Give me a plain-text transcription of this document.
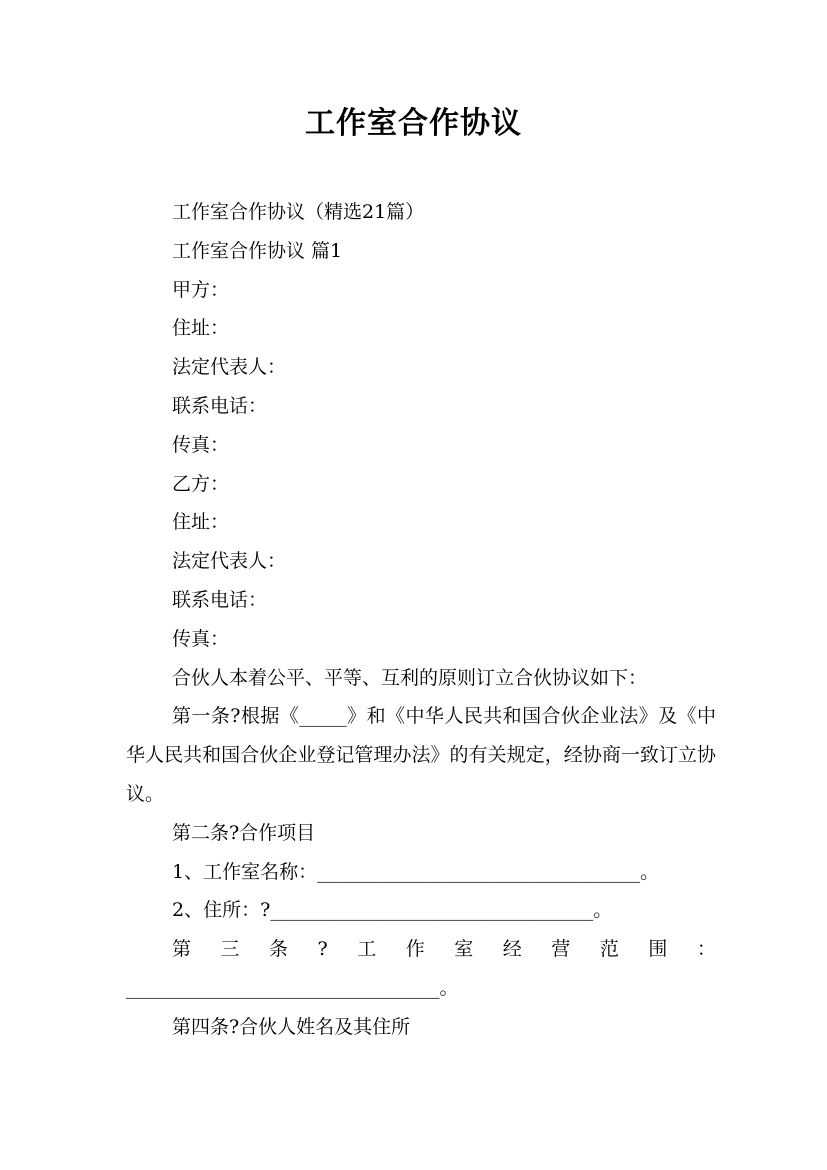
工作室合作协议
工作室合作协议（精选21篇）
工作室合作协议 篇1
甲方：
住址：
法定代表人：
联系电话：
传真：
乙方：
住址：
法定代表人：
联系电话：
传真：
合伙人本着公平、平等、互利的原则订立合伙协议如下：
第一条?根据《_____》和《中华人民共和国合伙企业法》及《中华人民共和国合伙企业登记管理办法》的有关规定，经协商一致订立协议。
第二条?合作项目
1、工作室名称：__________________________________。
2、住所：?__________________________________。
第 三 条 ? 工 作 室 经 营 范 围 ：
_________________________________。
第四条?合伙人姓名及其住所
